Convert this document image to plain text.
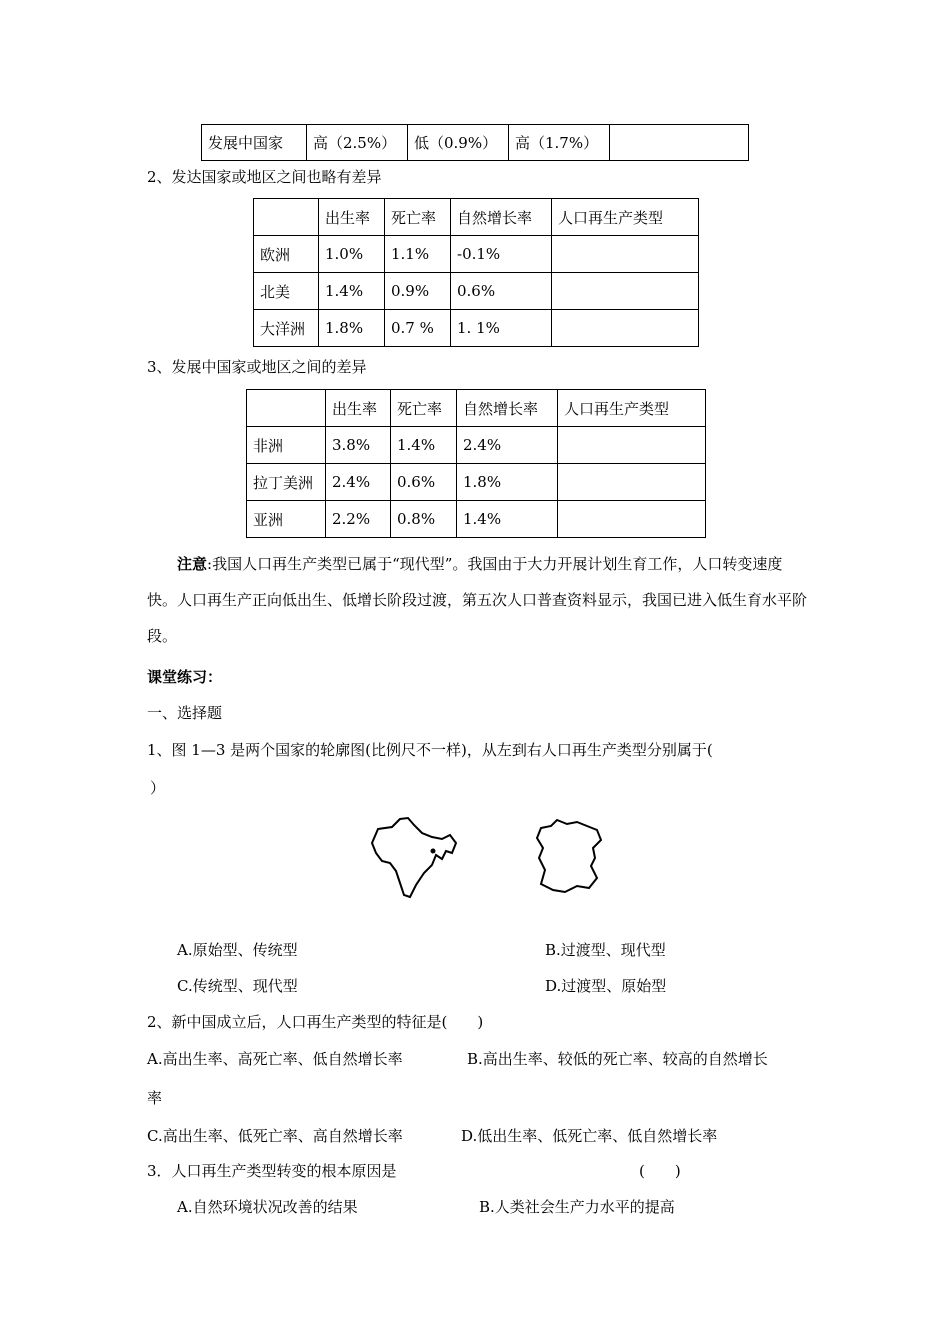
发展中国家	高（2.5%）	低（0.9%）	高（1.7%）	
2、发达国家或地区之间也略有差异
	出生率	死亡率	自然增长率	人口再生产类型
欧洲	1.0%	1.1%	-0.1%	
北美	1.4%	0.9%	0.6%	
大洋洲	1.8%	0.7 %	1. 1%	
3、发展中国家或地区之间的差异
	出生率	死亡率	自然增长率	人口再生产类型
非洲	3.8%	1.4%	2.4%	
拉丁美洲	2.4%	0.6%	1.8%	
亚洲	2.2%	0.8%	1.4%	
注意:我国人口再生产类型已属于“现代型”。我国由于大力开展计划生育工作，人口转变速度快。人口再生产正向低出生、低增长阶段过渡，第五次人口普查资料显示，我国已进入低生育水平阶段。
课堂练习：
一、选择题
1、图 1—3 是两个国家的轮廓图(比例尺不一样)，从左到右人口再生产类型分别属于(
）
A.原始型、传统型	B.过渡型、现代型
C.传统型、现代型	D.过渡型、原始型
2、新中国成立后，人口再生产类型的特征是(　　)
A.高出生率、高死亡率、低自然增长率	B.高出生率、较低的死亡率、较高的自然增长
率
C.高出生率、低死亡率、高自然增长率	D.低出生率、低死亡率、低自然增长率
3．人口再生产类型转变的根本原因是	(　　)
A.自然环境状况改善的结果	B.人类社会生产力水平的提高
